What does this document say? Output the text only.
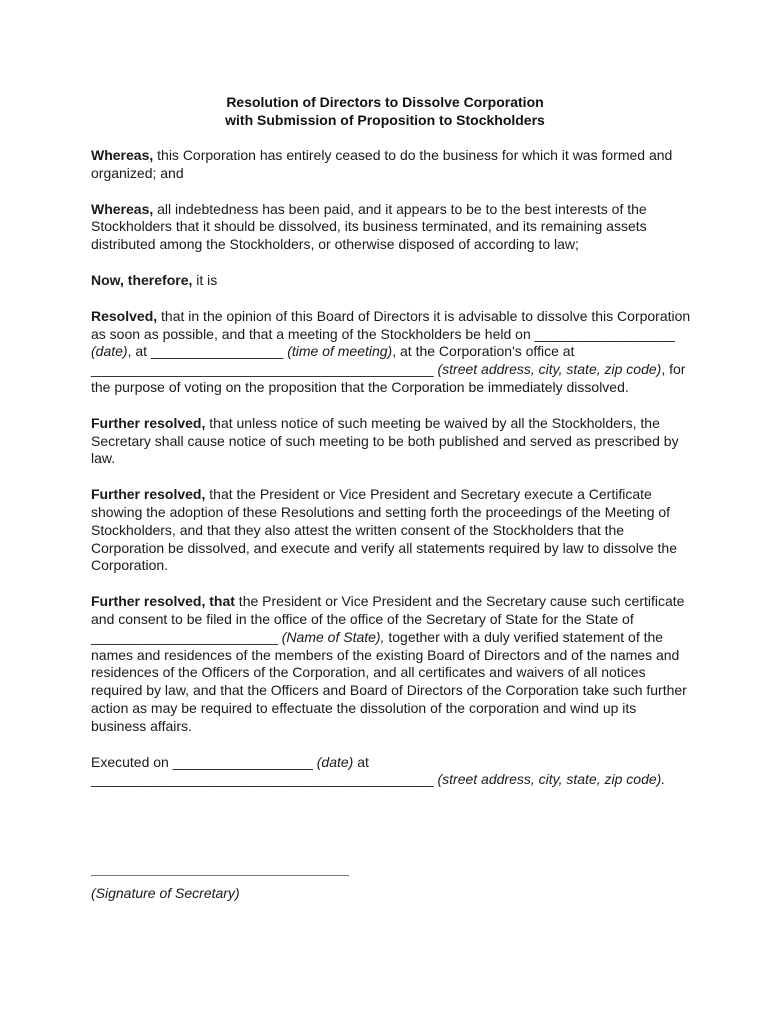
Resolution of Directors to Dissolve Corporation
with Submission of Proposition to Stockholders

Whereas, this Corporation has entirely ceased to do the business for which it was formed and organized; and

Whereas, all indebtedness has been paid, and it appears to be to the best interests of the Stockholders that it should be dissolved, its business terminated, and its remaining assets distributed among the Stockholders, or otherwise disposed of according to law;

Now, therefore, it is

Resolved, that in the opinion of this Board of Directors it is advisable to dissolve this Corporation as soon as possible, and that a meeting of the Stockholders be held on __________________ (date), at _________________ (time of meeting), at the Corporation's office at ____________________________________________ (street address, city, state, zip code), for the purpose of voting on the proposition that the Corporation be immediately dissolved.

Further resolved, that unless notice of such meeting be waived by all the Stockholders, the Secretary shall cause notice of such meeting to be both published and served as prescribed by law.

Further resolved, that the President or Vice President and Secretary execute a Certificate showing the adoption of these Resolutions and setting forth the proceedings of the Meeting of Stockholders, and that they also attest the written consent of the Stockholders that the Corporation be dissolved, and execute and verify all statements required by law to dissolve the Corporation.

Further resolved, that the President or Vice President and the Secretary cause such certificate and consent to be filed in the office of the office of the Secretary of State for the State of ________________________ (Name of State), together with a duly verified statement of the names and residences of the members of the existing Board of Directors and of the names and residences of the Officers of the Corporation, and all certificates and waivers of all notices required by law, and that the Officers and Board of Directors of the Corporation take such further action as may be required to effectuate the dissolution of the corporation and wind up its business affairs.

Executed on __________________ (date) at ____________________________________________ (street address, city, state, zip code).

(Signature of Secretary)
